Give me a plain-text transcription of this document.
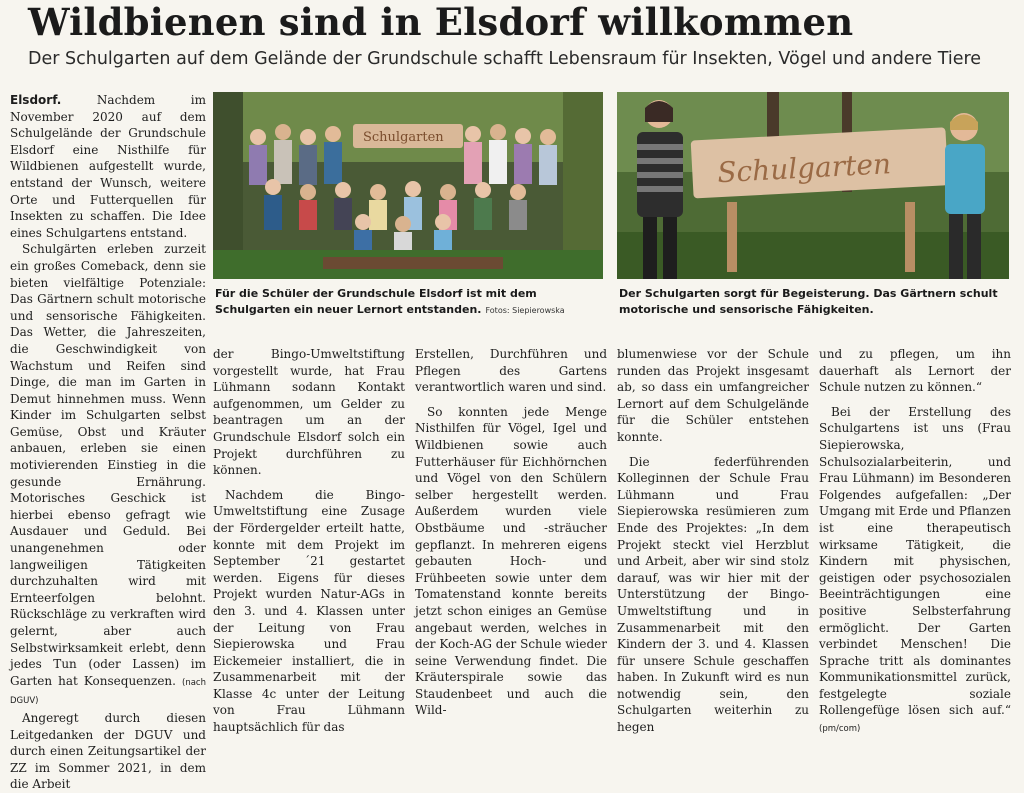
Wildbienen sind in Elsdorf willkommen
Der Schulgarten auf dem Gelände der Grundschule schafft Lebensraum für Insekten, Vögel und andere Tiere

Elsdorf.	Nachdem im November 2020 auf dem Schulgelände der Grundschule Elsdorf eine Nisthilfe für Wildbienen aufgestellt wurde, entstand der Wunsch, weitere Orte und Futterquellen für Insekten zu schaffen. Die Idee eines Schulgartens entstand.

Schulgärten erleben zurzeit ein großes Comeback, denn sie bieten vielfältige Potenziale: Das Gärtnern schult motorische und sensorische Fähigkeiten. Das Wetter, die Jahreszeiten, die Geschwindigkeit von Wachstum und Reifen sind Dinge, die man im Garten in Demut hinnehmen muss. Wenn Kinder im Schulgarten selbst Gemüse, Obst und Kräuter anbauen, erleben sie einen motivierenden Einstieg in die gesunde Ernährung. Motorisches Geschick ist hierbei ebenso gefragt wie Ausdauer und Geduld. Bei unangenehmen oder langweiligen Tätigkeiten durchzuhalten wird mit Ernteerfolgen belohnt. Rückschläge zu verkraften wird gelernt, aber auch Selbstwirksamkeit erlebt, denn jedes Tun (oder Lassen) im Garten hat Konsequenzen. (nach DGUV)

Angeregt durch diesen Leitgedanken der DGUV und durch einen Zeitungsartikel der ZZ im Sommer 2021, in dem die Arbeit

Schulgarten
Für die Schüler der Grundschule Elsdorf ist mit dem Schulgarten ein neuer Lernort entstanden. Fotos: Siepierowska
Schulgarten
Der Schulgarten sorgt für Begeisterung. Das Gärtnern schult motorische und sensorische Fähigkeiten.

der Bingo-Umweltstiftung vorgestellt wurde, hat Frau Lühmann sodann Kontakt aufgenommen, um Gelder zu beantragen um an der Grundschule Elsdorf solch ein Projekt durchführen zu können.

Nachdem die Bingo-Umweltstiftung eine Zusage der Fördergelder erteilt hatte, konnte mit dem Projekt im September ´21 gestartet werden. Eigens für dieses Projekt wurden Natur-AGs in den 3. und 4. Klassen unter der Leitung von Frau Siepierowska und Frau Eickemeier installiert, die in Zusammenarbeit mit der Klasse 4c unter der Leitung von Frau Lühmann hauptsächlich für das

Erstellen, Durchführen und Pflegen des Gartens verantwortlich waren und sind.

So konnten jede Menge Nisthilfen für Vögel, Igel und Wildbienen sowie auch Futterhäuser für Eichhörnchen und Vögel von den Schülern selber hergestellt werden. Außerdem wurden viele Obstbäume und -sträucher gepflanzt. In mehreren eigens gebauten Hoch- und Frühbeeten sowie unter dem Tomatenstand konnte bereits jetzt schon einiges an Gemüse angebaut werden, welches in der Koch-AG der Schule wieder seine Verwendung findet. Die Kräuterspirale sowie das Staudenbeet und auch die Wild-

blumenwiese vor der Schule runden das Projekt insgesamt ab, so dass ein umfangreicher Lernort auf dem Schulgelände für die Schüler entstehen konnte.

Die federführenden Kolleginnen der Schule Frau Lühmann und Frau Siepierowska resümieren zum Ende des Projektes: „In dem Projekt steckt viel Herzblut und Arbeit, aber wir sind stolz darauf, was wir hier mit der Unterstützung der Bingo-Umweltstiftung und in Zusammenarbeit mit den Kindern der 3. und 4. Klassen für unsere Schule geschaffen haben. In Zukunft wird es nun notwendig sein, den Schulgarten weiterhin zu hegen

und zu pflegen, um ihn dauerhaft als Lernort der Schule nutzen zu können.“

Bei der Erstellung des Schulgartens ist uns (Frau Siepierowska, Schulsozialarbeiterin, und Frau Lühmann) im Besonderen Folgendes aufgefallen: „Der Umgang mit Erde und Pflanzen ist eine therapeutisch wirksame Tätigkeit, die Kindern mit physischen, geistigen oder psychosozialen Beeinträchtigungen eine positive Selbsterfahrung ermöglicht. Der Garten verbindet Menschen! Die Sprache tritt als dominantes Kommunikationsmittel zurück, festgelegte soziale Rollengefüge lösen sich auf.“ (pm/com)
